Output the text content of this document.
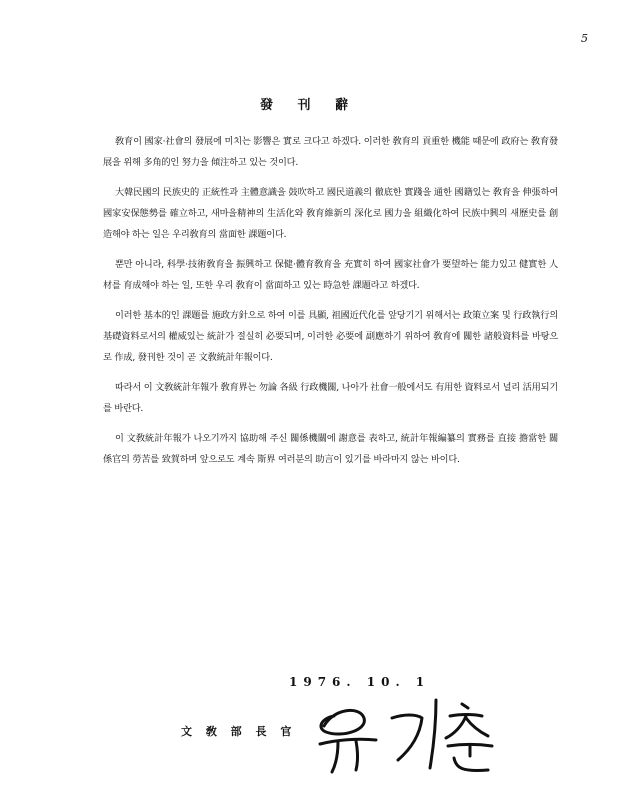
5
發 刊 辭

敎育이 國家·社會의 發展에 미치는 影響은 實로 크다고 하겠다. 이러한 敎育의 貢重한 機能 때문에 政府는 敎育發展을 위해 多角的인 努力을 傾注하고 있는 것이다.

大韓民國의 民族史的 正統性과 主體意識을 鼓吹하고 國民道義의 徹底한 實踐을 通한 國籍있는 敎育을 伸張하여 國家安保態勢를 確立하고, 새마을精神의 生活化와 敎育維新의 深化로 國力을 組織化하여 民族中興의 새歷史를 創造해야 하는 일은 우리敎育의 當面한 課題이다.

뿐만 아니라, 科學·技術敎育을 振興하고 保健·體育敎育을 充實히 하여 國家社會가 要望하는 能力있고 健實한 人材를 育成해야 하는 일, 또한 우리 敎育이 當面하고 있는 時急한 課題라고 하겠다.

이러한 基本的인 課題를 施政方針으로 하여 이를 具顯, 祖國近代化를 앞당기기 위해서는 政策立案 및 行政執行의 基礎資料로서의 權威있는 統計가 절실히 必要되며, 이러한 必要에 副應하기 위하여 敎育에 關한 諸般資料를 바탕으로 作成, 發刊한 것이 곧 文敎統計年報이다.

따라서 이 文敎統計年報가 敎育界는 勿論 各級 行政機關, 나아가 社會一般에서도 有用한 資料로서 널리 活用되기를 바란다.

이 文敎統計年報가 나오기까지 協助해 주신 關係機關에 謝意를 表하고, 統計年報編纂의 實務를 直接 擔當한 關係官의 勞苦를 致賀하며 앞으로도 계속 斯界 여러분의 助言이 있기를 바라마지 않는 바이다.

1976. 10. 1
文 敎 部 長 官
